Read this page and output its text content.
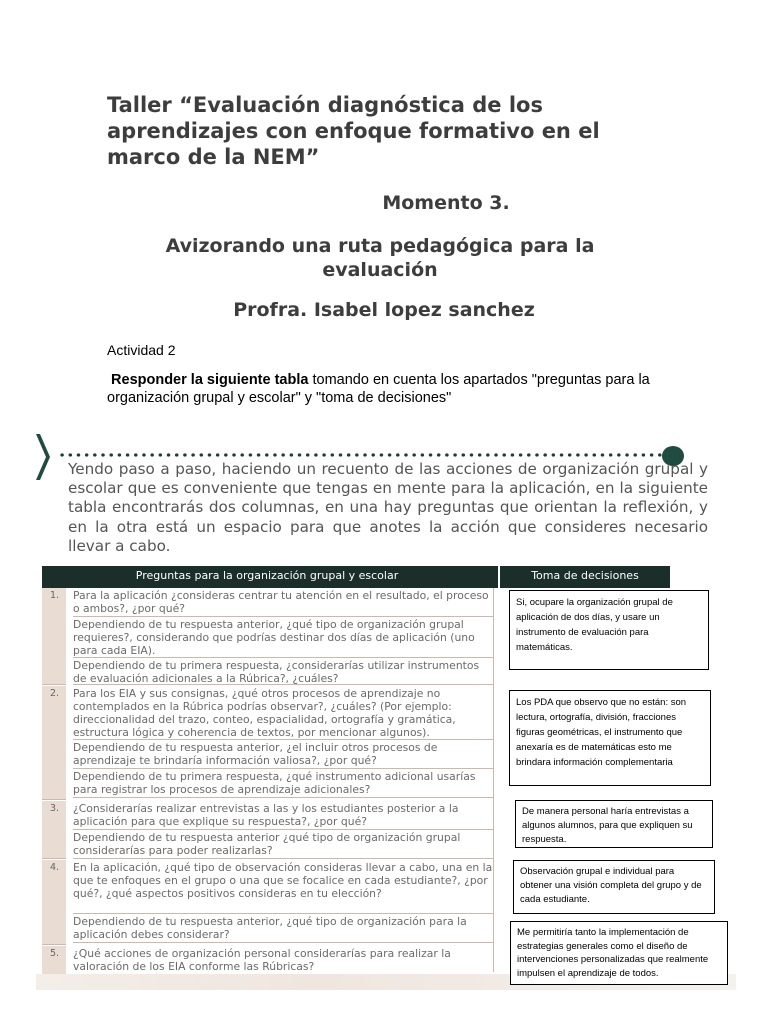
Taller “Evaluación diagnóstica de los aprendizajes con enfoque formativo en el marco de la NEM”
Momento 3.
Avizorando una ruta pedagógica para la evaluación
Profra. Isabel lopez sanchez
Actividad 2
Responder la siguiente tabla tomando en cuenta los apartados "preguntas para la organización grupal y escolar" y "toma de decisiones"
Yendo paso a paso, haciendo un recuento de las acciones de organización grupal y escolar que es conveniente que tengas en mente para la aplicación, en la siguiente tabla encontrarás dos columnas, en una hay preguntas que orientan la reflexión, y en la otra está un espacio para que anotes la acción que consideres necesario llevar a cabo.
Preguntas para la organización grupal y escolar	Toma de decisiones
1. Para la aplicación ¿consideras centrar tu atención en el resultado, el proceso o ambos?, ¿por qué?
Dependiendo de tu respuesta anterior, ¿qué tipo de organización grupal requieres?, considerando que podrías destinar dos días de aplicación (uno para cada EIA).
Dependiendo de tu primera respuesta, ¿considerarías utilizar instrumentos de evaluación adicionales a la Rúbrica?, ¿cuáles?
2. Para los EIA y sus consignas, ¿qué otros procesos de aprendizaje no contemplados en la Rúbrica podrías observar?, ¿cuáles? (Por ejemplo: direccionalidad del trazo, conteo, espacialidad, ortografía y gramática, estructura lógica y coherencia de textos, por mencionar algunos).
Dependiendo de tu respuesta anterior, ¿el incluir otros procesos de aprendizaje te brindaría información valiosa?, ¿por qué?
Dependiendo de tu primera respuesta, ¿qué instrumento adicional usarías para registrar los procesos de aprendizaje adicionales?
3. ¿Considerarías realizar entrevistas a las y los estudiantes posterior a la aplicación para que explique su respuesta?, ¿por qué?
Dependiendo de tu respuesta anterior ¿qué tipo de organización grupal considerarías para poder realizarlas?
4. En la aplicación, ¿qué tipo de observación consideras llevar a cabo, una en la que te enfoques en el grupo o una que se focalice en cada estudiante?, ¿por qué?, ¿qué aspectos positivos consideras en tu elección?
Dependiendo de tu respuesta anterior, ¿qué tipo de organización para la aplicación debes considerar?
5. ¿Qué acciones de organización personal considerarías para realizar la valoración de los EIA conforme las Rúbricas?
Si, ocupare la organización grupal de aplicación de dos días, y usare un instrumento de evaluación para matemáticas.
Los PDA que observo que no están: son lectura, ortografía, división, fracciones figuras geométricas, el instrumento que anexaría es de matemáticas esto me brindara información complementaria
De manera personal haría entrevistas a algunos alumnos, para que expliquen su respuesta.
Observación grupal e individual para obtener una visión completa del grupo y de cada estudiante.
Me permitiría tanto la implementación de estrategias generales como el diseño de intervenciones personalizadas que realmente impulsen el aprendizaje de todos.
